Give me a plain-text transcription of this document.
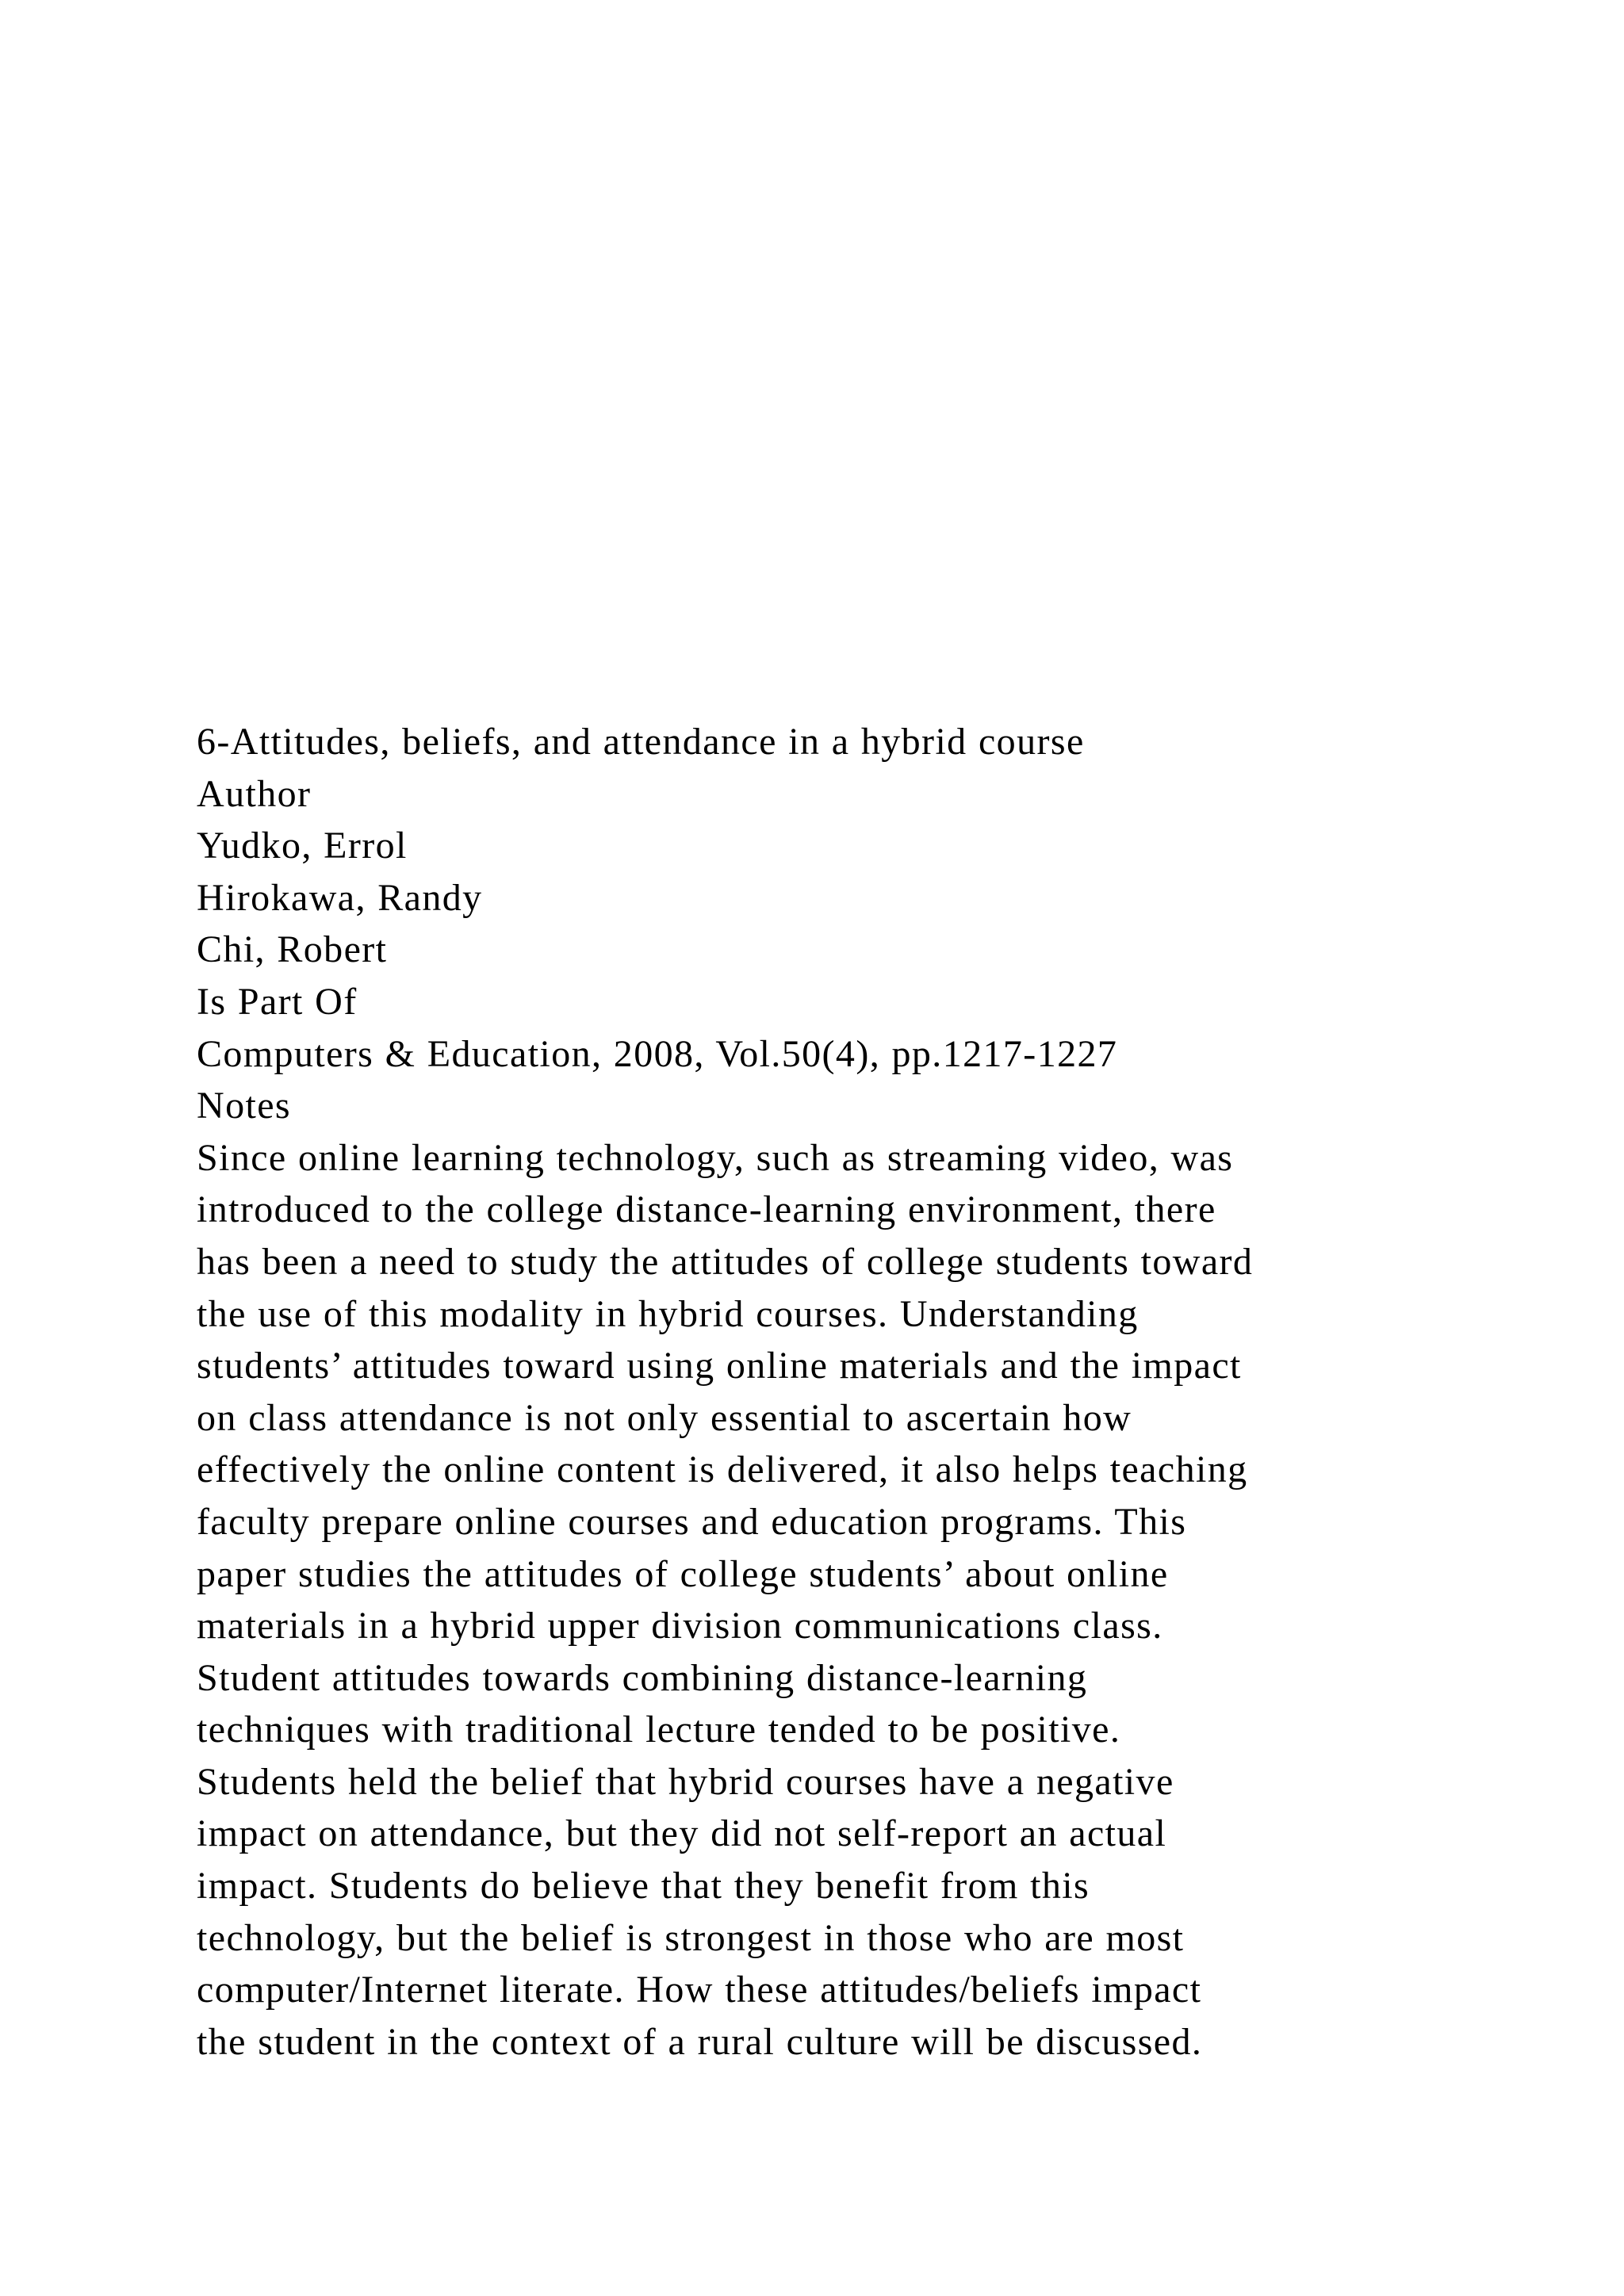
6-Attitudes, beliefs, and attendance in a hybrid course
Author
Yudko, Errol
Hirokawa, Randy
Chi, Robert
Is Part Of
Computers & Education, 2008, Vol.50(4), pp.1217-1227
Notes
Since online learning technology, such as streaming video, was
introduced to the college distance-learning environment, there
has been a need to study the attitudes of college students toward
the use of this modality in hybrid courses. Understanding
students’ attitudes toward using online materials and the impact
on class attendance is not only essential to ascertain how
effectively the online content is delivered, it also helps teaching
faculty prepare online courses and education programs. This
paper studies the attitudes of college students’ about online
materials in a hybrid upper division communications class.
Student attitudes towards combining distance-learning
techniques with traditional lecture tended to be positive.
Students held the belief that hybrid courses have a negative
impact on attendance, but they did not self-report an actual
impact. Students do believe that they benefit from this
technology, but the belief is strongest in those who are most
computer/Internet literate. How these attitudes/beliefs impact
the student in the context of a rural culture will be discussed.
